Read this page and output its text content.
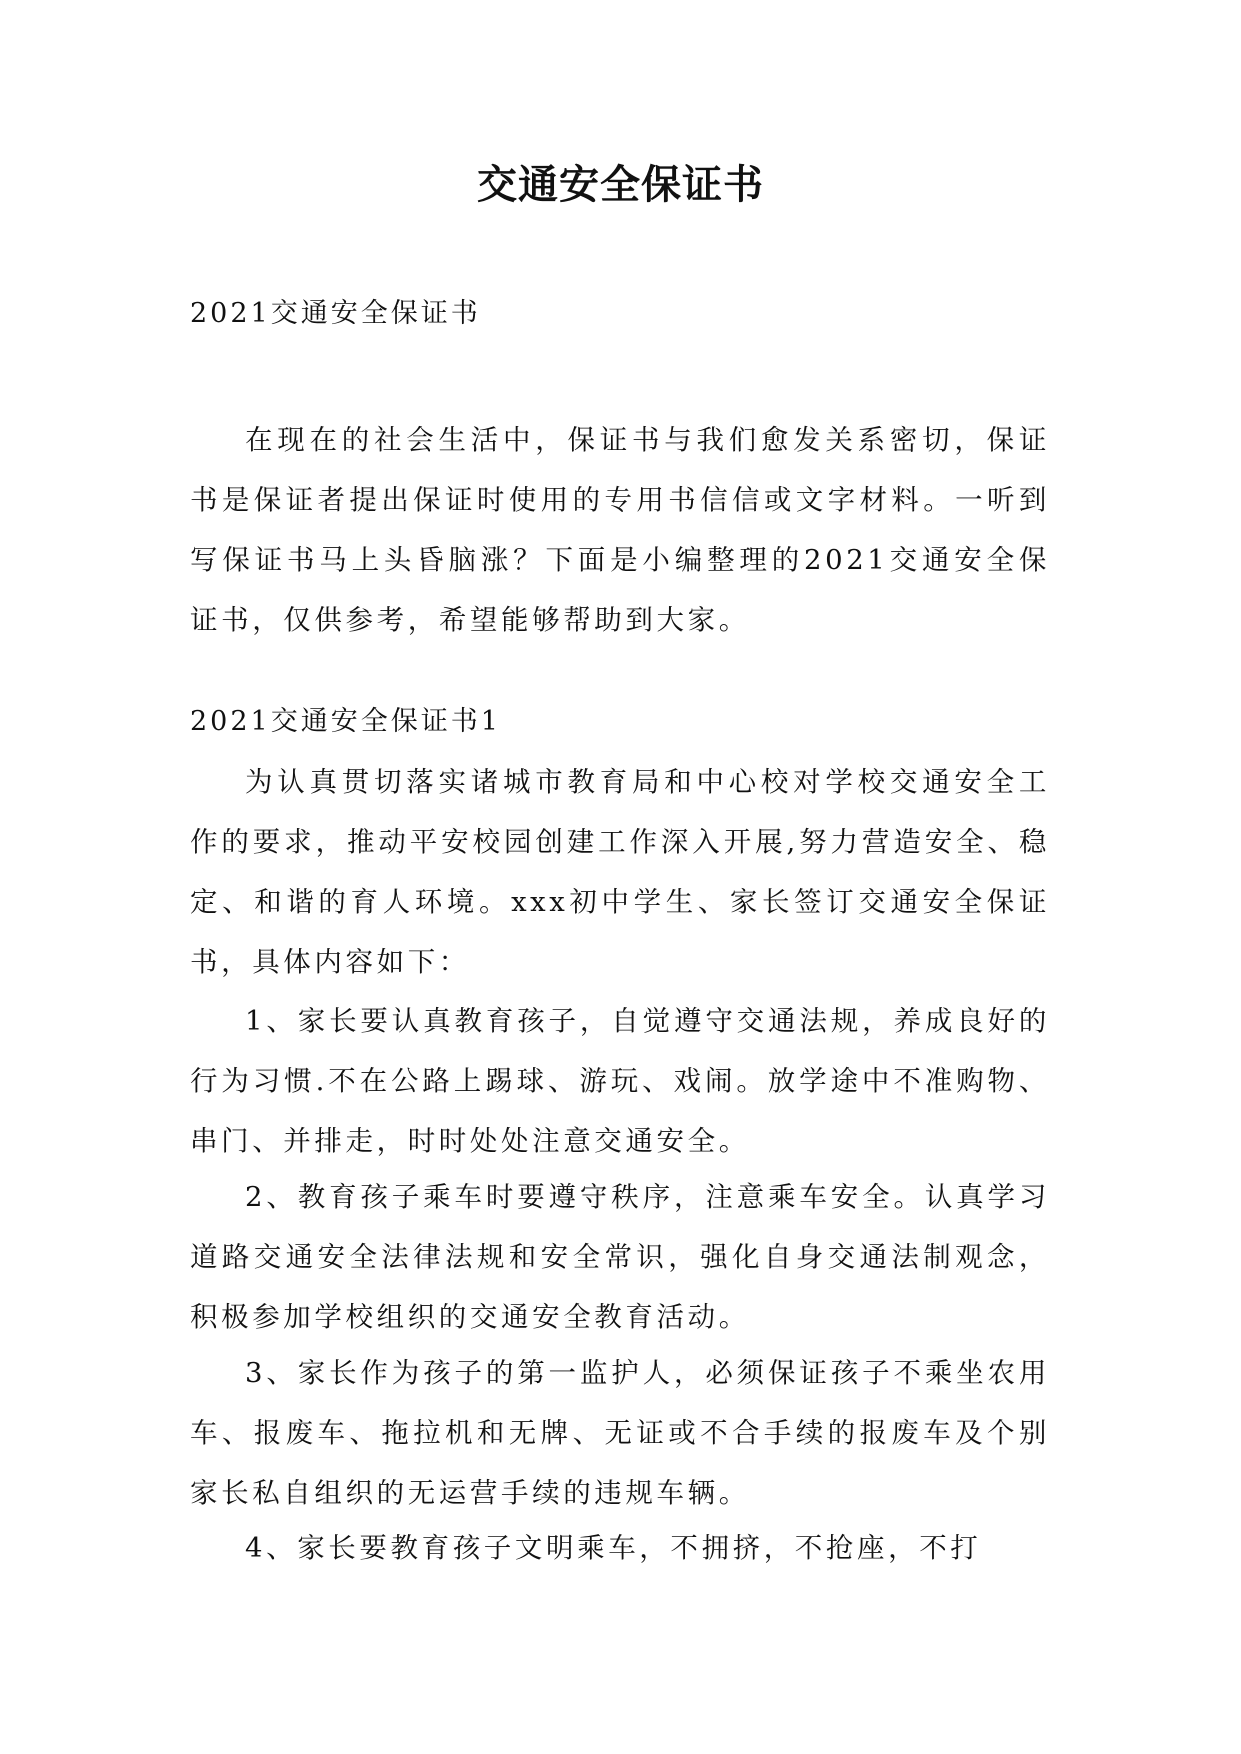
交通安全保证书
2021交通安全保证书

在现在的社会生活中，保证书与我们愈发关系密切，保证书是保证者提出保证时使用的专用书信信或文字材料。一听到写保证书马上头昏脑涨？下面是小编整理的2021交通安全保证书，仅供参考，希望能够帮助到大家。

2021交通安全保证书1

为认真贯切落实诸城市教育局和中心校对学校交通安全工作的要求，推动平安校园创建工作深入开展,努力营造安全、稳定、和谐的育人环境。xxx初中学生、家长签订交通安全保证书，具体内容如下：

1、家长要认真教育孩子，自觉遵守交通法规，养成良好的行为习惯.不在公路上踢球、游玩、戏闹。放学途中不准购物、串门、并排走，时时处处注意交通安全。

2、教育孩子乘车时要遵守秩序，注意乘车安全。认真学习道路交通安全法律法规和安全常识，强化自身交通法制观念，积极参加学校组织的交通安全教育活动。

3、家长作为孩子的第一监护人，必须保证孩子不乘坐农用车、报废车、拖拉机和无牌、无证或不合手续的报废车及个别家长私自组织的无运营手续的违规车辆。

4、家长要教育孩子文明乘车，不拥挤，不抢座，不打
